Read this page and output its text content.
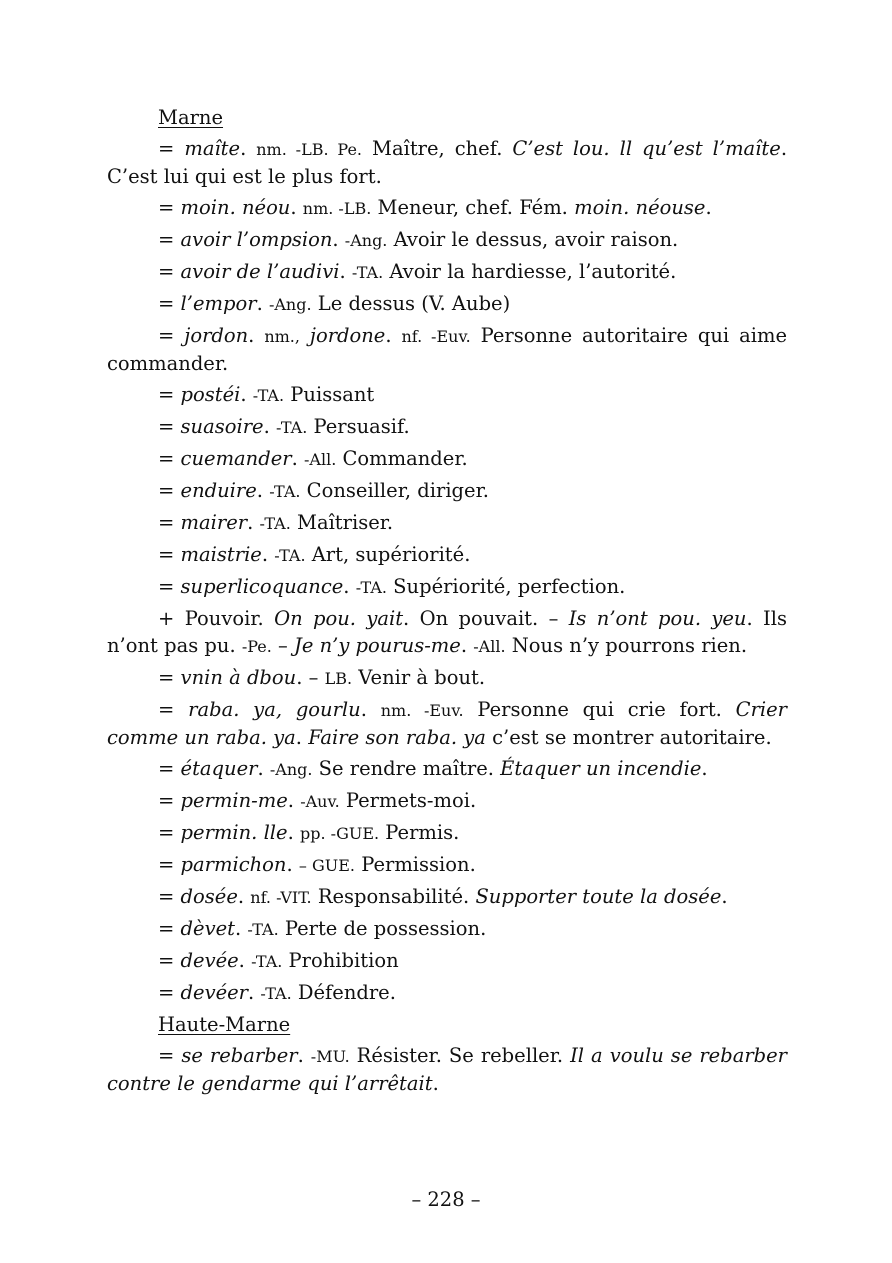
Marne

= maîte. nm. -LB. Pe. Maître, chef. C’est lou. ll qu’est l’maîte. C’est lui qui est le plus fort.

= moin. néou. nm. -LB. Meneur, chef. Fém. moin. néouse.

= avoir l’ompsion. -Ang. Avoir le dessus, avoir raison.

= avoir de l’audivi. -TA. Avoir la hardiesse, l’autorité.

= l’empor. -Ang. Le dessus (V. Aube)

= jordon. nm., jordone. nf. -Euv. Personne autoritaire qui aime commander.

= postéi. -TA. Puissant

= suasoire. -TA. Persuasif.

= cuemander. -All. Commander.

= enduire. -TA. Conseiller, diriger.

= mairer. -TA. Maîtriser.

= maistrie. -TA. Art, supériorité.

= superlicoquance. -TA. Supériorité, perfection.

+ Pouvoir. On pou. yait. On pouvait. – Is n’ont pou. yeu. Ils n’ont pas pu. -Pe. – Je n’y pourus-me. -All. Nous n’y pourrons rien.

= vnin à dbou. – LB. Venir à bout.

= raba. ya, gourlu. nm. -Euv. Personne qui crie fort. Crier comme un raba. ya. Faire son raba. ya c’est se montrer autoritaire.

= étaquer. -Ang. Se rendre maître. Étaquer un incendie.

= permin-me. -Auv. Permets-moi.

= permin. lle. pp. -GUE. Permis.

= parmichon. – GUE. Permission.

= dosée. nf. -VIT. Responsabilité. Supporter toute la dosée.

= dèvet. -TA. Perte de possession.

= devée. -TA. Prohibition

= devéer. -TA. Défendre.

Haute-Marne

= se rebarber. -MU. Résister. Se rebeller. Il a voulu se rebarber contre le gendarme qui l’arrêtait.

– 228 –
